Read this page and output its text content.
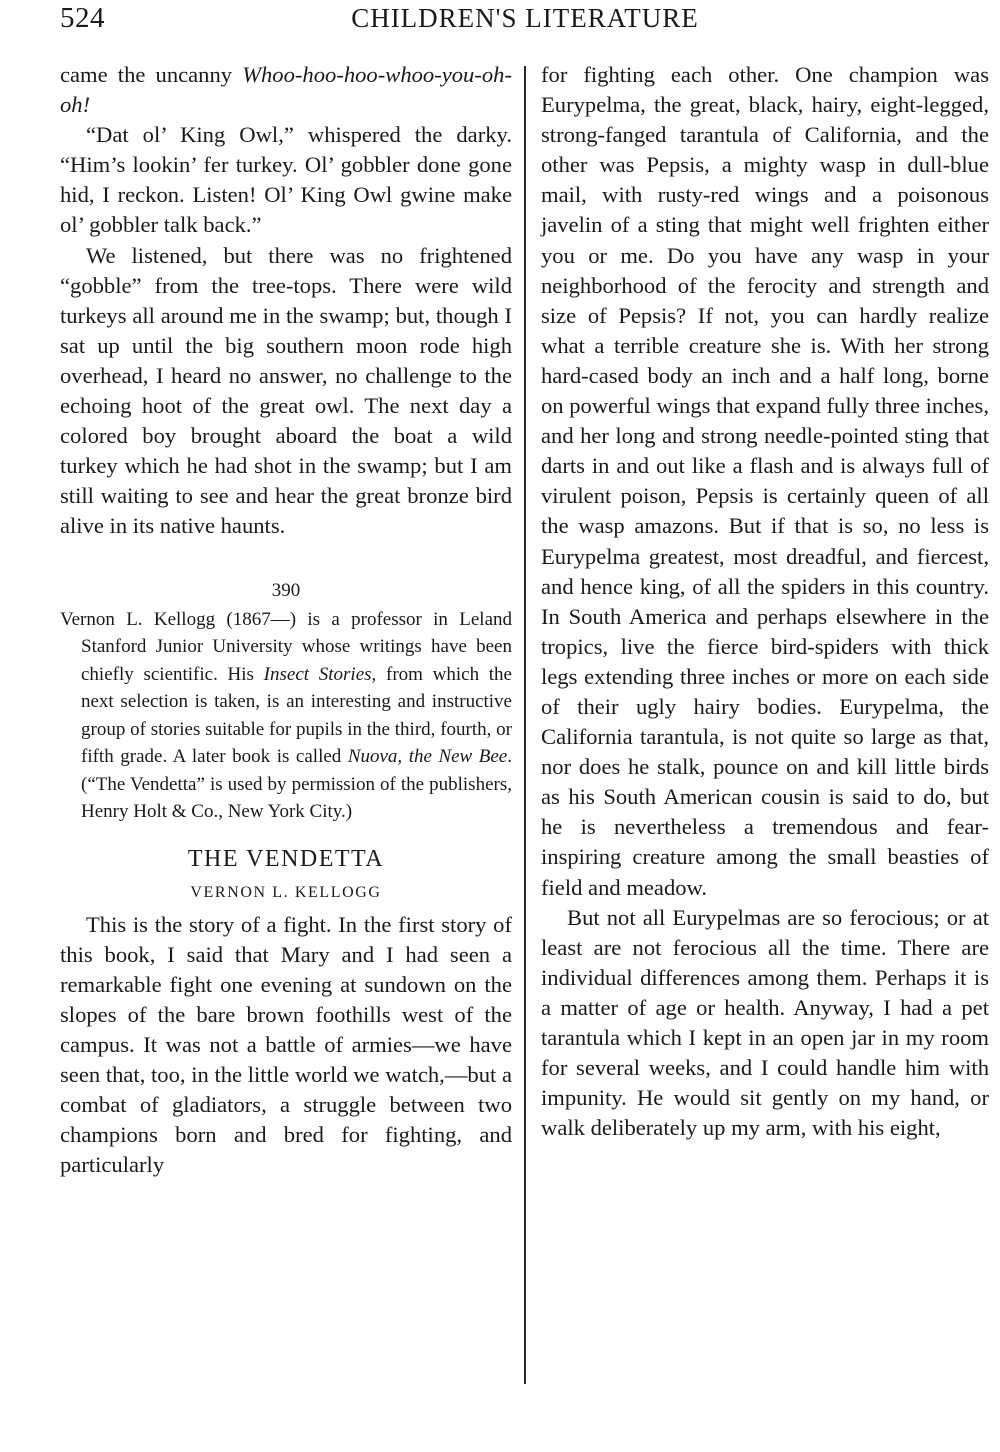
524	CHILDREN'S LITERATURE

came the uncanny Whoo-hoo-hoo-whoo-you-oh-oh!

“Dat ol’ King Owl,” whispered the darky. “Him’s lookin’ fer turkey. Ol’ gobbler done gone hid, I reckon. Listen! Ol’ King Owl gwine make ol’ gobbler talk back.”

We listened, but there was no frightened “gobble” from the tree-tops. There were wild turkeys all around me in the swamp; but, though I sat up until the big southern moon rode high overhead, I heard no answer, no challenge to the echoing hoot of the great owl. The next day a colored boy brought aboard the boat a wild turkey which he had shot in the swamp; but I am still waiting to see and hear the great bronze bird alive in its native haunts.

390

Vernon L. Kellogg (1867—) is a professor in Leland Stanford Junior University whose writings have been chiefly scientific. His Insect Stories, from which the next selection is taken, is an interesting and instructive group of stories suitable for pupils in the third, fourth, or fifth grade. A later book is called Nuova, the New Bee. (“The Vendetta” is used by permission of the publishers, Henry Holt & Co., New York City.)

THE VENDETTA
VERNON L. KELLOGG

This is the story of a fight. In the first story of this book, I said that Mary and I had seen a remarkable fight one evening at sundown on the slopes of the bare brown foothills west of the campus. It was not a battle of armies—we have seen that, too, in the little world we watch,—but a combat of gladiators, a struggle between two champions born and bred for fighting, and particularly

for fighting each other. One champion was Eurypelma, the great, black, hairy, eight-legged, strong-fanged tarantula of California, and the other was Pepsis, a mighty wasp in dull-blue mail, with rusty-red wings and a poisonous javelin of a sting that might well frighten either you or me. Do you have any wasp in your neighborhood of the ferocity and strength and size of Pepsis? If not, you can hardly realize what a terrible creature she is. With her strong hard-cased body an inch and a half long, borne on powerful wings that expand fully three inches, and her long and strong needle-pointed sting that darts in and out like a flash and is always full of virulent poison, Pepsis is certainly queen of all the wasp amazons. But if that is so, no less is Eurypelma greatest, most dreadful, and fiercest, and hence king, of all the spiders in this country. In South America and perhaps elsewhere in the tropics, live the fierce bird-spiders with thick legs extending three inches or more on each side of their ugly hairy bodies. Eurypelma, the California tarantula, is not quite so large as that, nor does he stalk, pounce on and kill little birds as his South American cousin is said to do, but he is nevertheless a tremendous and fear-inspiring creature among the small beasties of field and meadow.

But not all Eurypelmas are so ferocious; or at least are not ferocious all the time. There are individual differences among them. Perhaps it is a matter of age or health. Anyway, I had a pet tarantula which I kept in an open jar in my room for several weeks, and I could handle him with impunity. He would sit gently on my hand, or walk deliberately up my arm, with his eight,
